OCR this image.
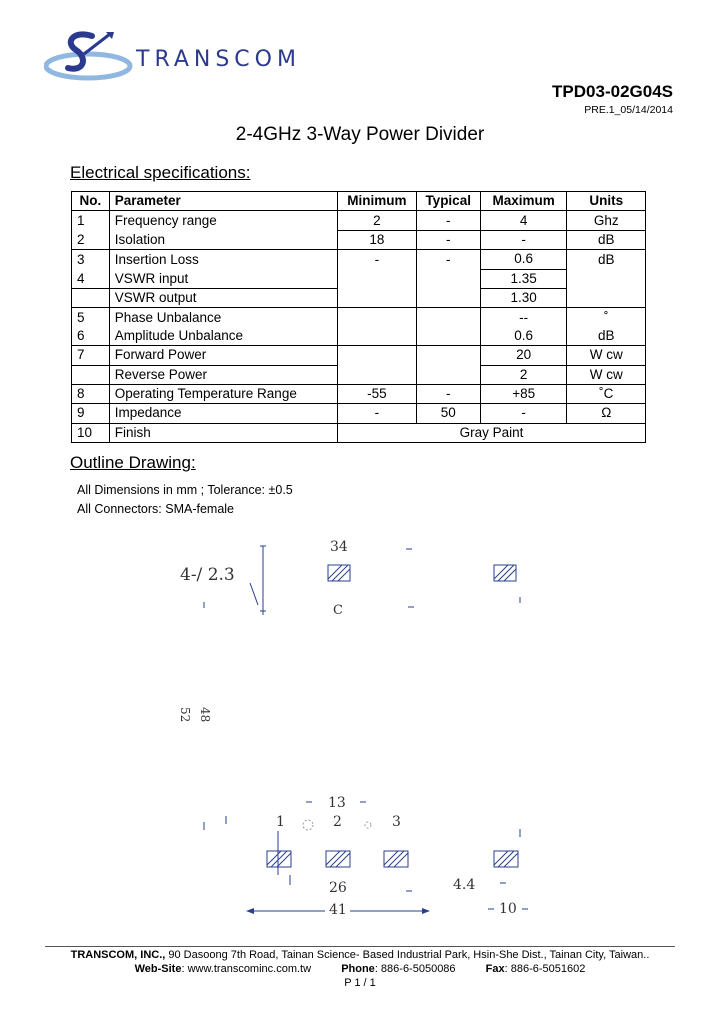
TRANSCOM
TPD03-02G04S
PRE.1_05/14/2014
2-4GHz 3-Way Power Divider
Electrical specifications:
No.	Parameter	Minimum	Typical	Maximum	Units
1	Frequency range	2	-	4	Ghz
2	Isolation	18	-	-	dB
3	Insertion Loss	-	-	0.6	dB
4	VSWR input			1.35	
	VSWR output			1.30	
5	Phase Unbalance			--	˚
6	Amplitude Unbalance			0.6	dB
7	Forward Power			20	W cw
	Reverse Power			2	W cw
8	Operating Temperature Range	-55	-	+85	˚C
9	Impedance	-	50	-	Ω
10	Finish	Gray Paint			
Outline Drawing:
All Dimensions in mm ; Tolerance: ±0.5
All Connectors: SMA-female
4-/ 2.3
34
C
52 48
13
1	2	3
26	4.4
41	10
TRANSCOM, INC., 90 Dasoong 7th Road, Tainan Science- Based Industrial Park, Hsin-She Dist., Tainan City, Taiwan..
Web-Site: www.transcominc.com.tw	Phone: 886-6-5050086	Fax: 886-6-5051602
P 1 / 1
